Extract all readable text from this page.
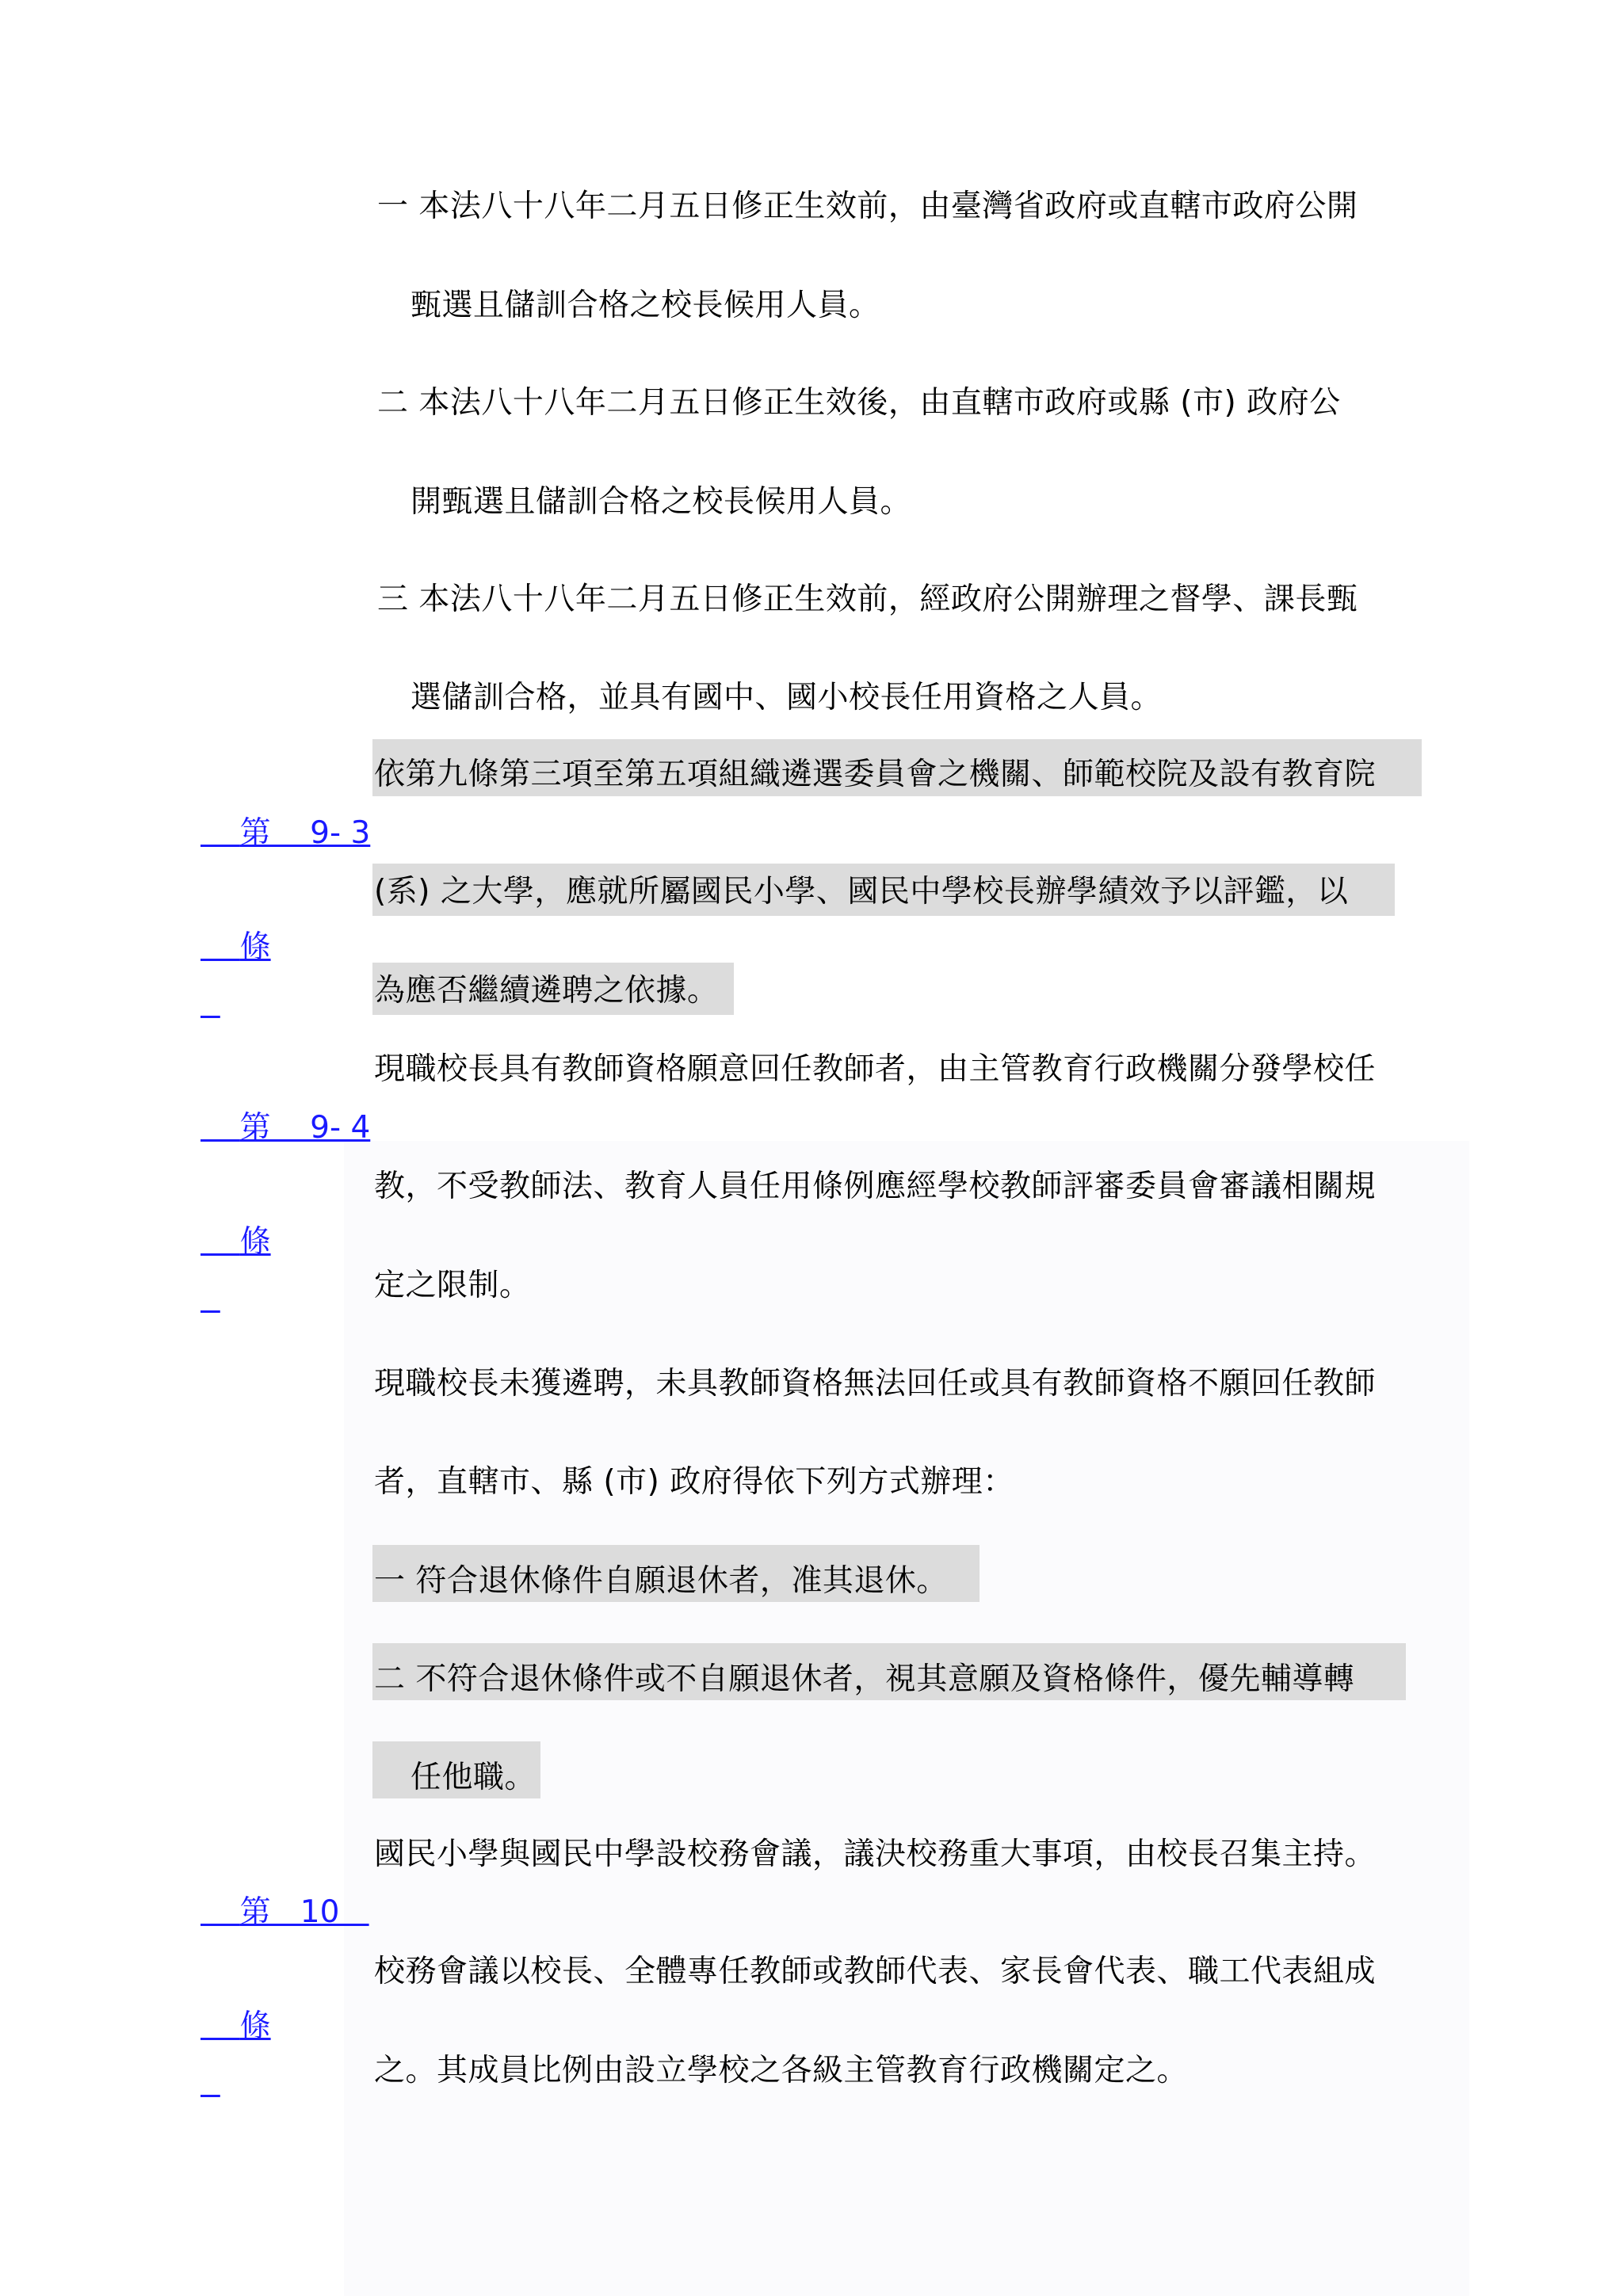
一 本法八十八年二月五日修正生效前，由臺灣省政府或直轄市政府公開
甄選且儲訓合格之校長候用人員。
二 本法八十八年二月五日修正生效後，由直轄市政府或縣 (市) 政府公
開甄選且儲訓合格之校長候用人員。
三 本法八十八年二月五日修正生效前，經政府公開辦理之督學、課長甄
選儲訓合格，並具有國中、國小校長任用資格之人員。

第    9- 3

條

依第九條第三項至第五項組織遴選委員會之機關、師範校院及設有教育院
(系) 之大學，應就所屬國民小學、國民中學校長辦學績效予以評鑑，以
為應否繼續遴聘之依據。

第    9- 4

條

現職校長具有教師資格願意回任教師者，由主管教育行政機關分發學校任
教，不受教師法、教育人員任用條例應經學校教師評審委員會審議相關規
定之限制。
現職校長未獲遴聘，未具教師資格無法回任或具有教師資格不願回任教師
者，直轄市、縣 (市) 政府得依下列方式辦理：
一 符合退休條件自願退休者，准其退休。
二 不符合退休條件或不自願退休者，視其意願及資格條件，優先輔導轉
任他職。

第   10

條

國民小學與國民中學設校務會議，議決校務重大事項，由校長召集主持。
校務會議以校長、全體專任教師或教師代表、家長會代表、職工代表組成
之。其成員比例由設立學校之各級主管教育行政機關定之。
